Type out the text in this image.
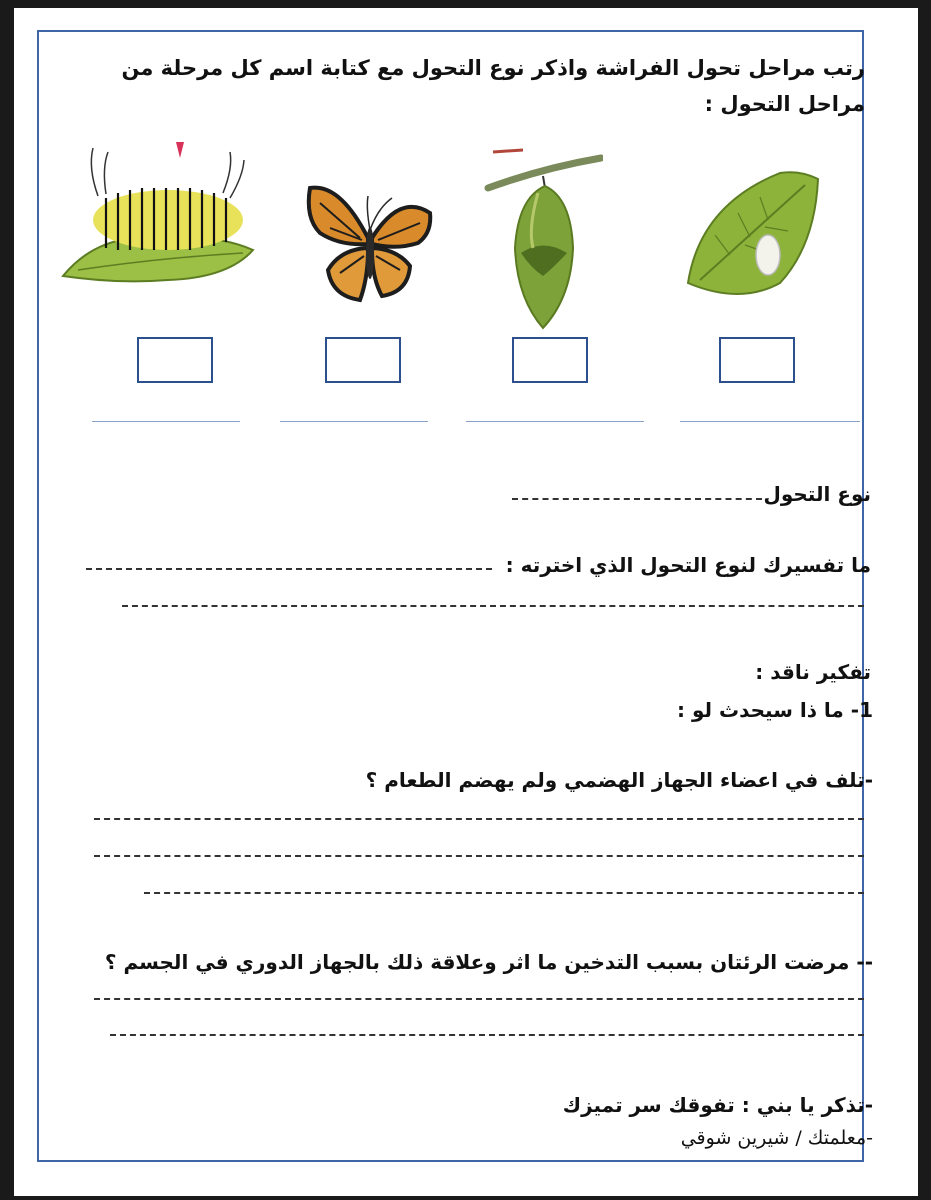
رتب مراحل تحول الفراشة واذكر نوع التحول مع كتابة اسم كل مرحلة من مراحل التحول :
نوع التحول
ما تفسيرك لنوع التحول الذي اخترته :
تفكير ناقد :
1- ما ذا سيحدث لو :
-تلف في اعضاء الجهاز الهضمي ولم يهضم الطعام ؟
-- مرضت الرئتان بسبب التدخين ما اثر وعلاقة ذلك بالجهاز الدوري في الجسم ؟
-تذكر يا بني : تفوقك سر تميزك
-معلمتك / شيرين شوقي
